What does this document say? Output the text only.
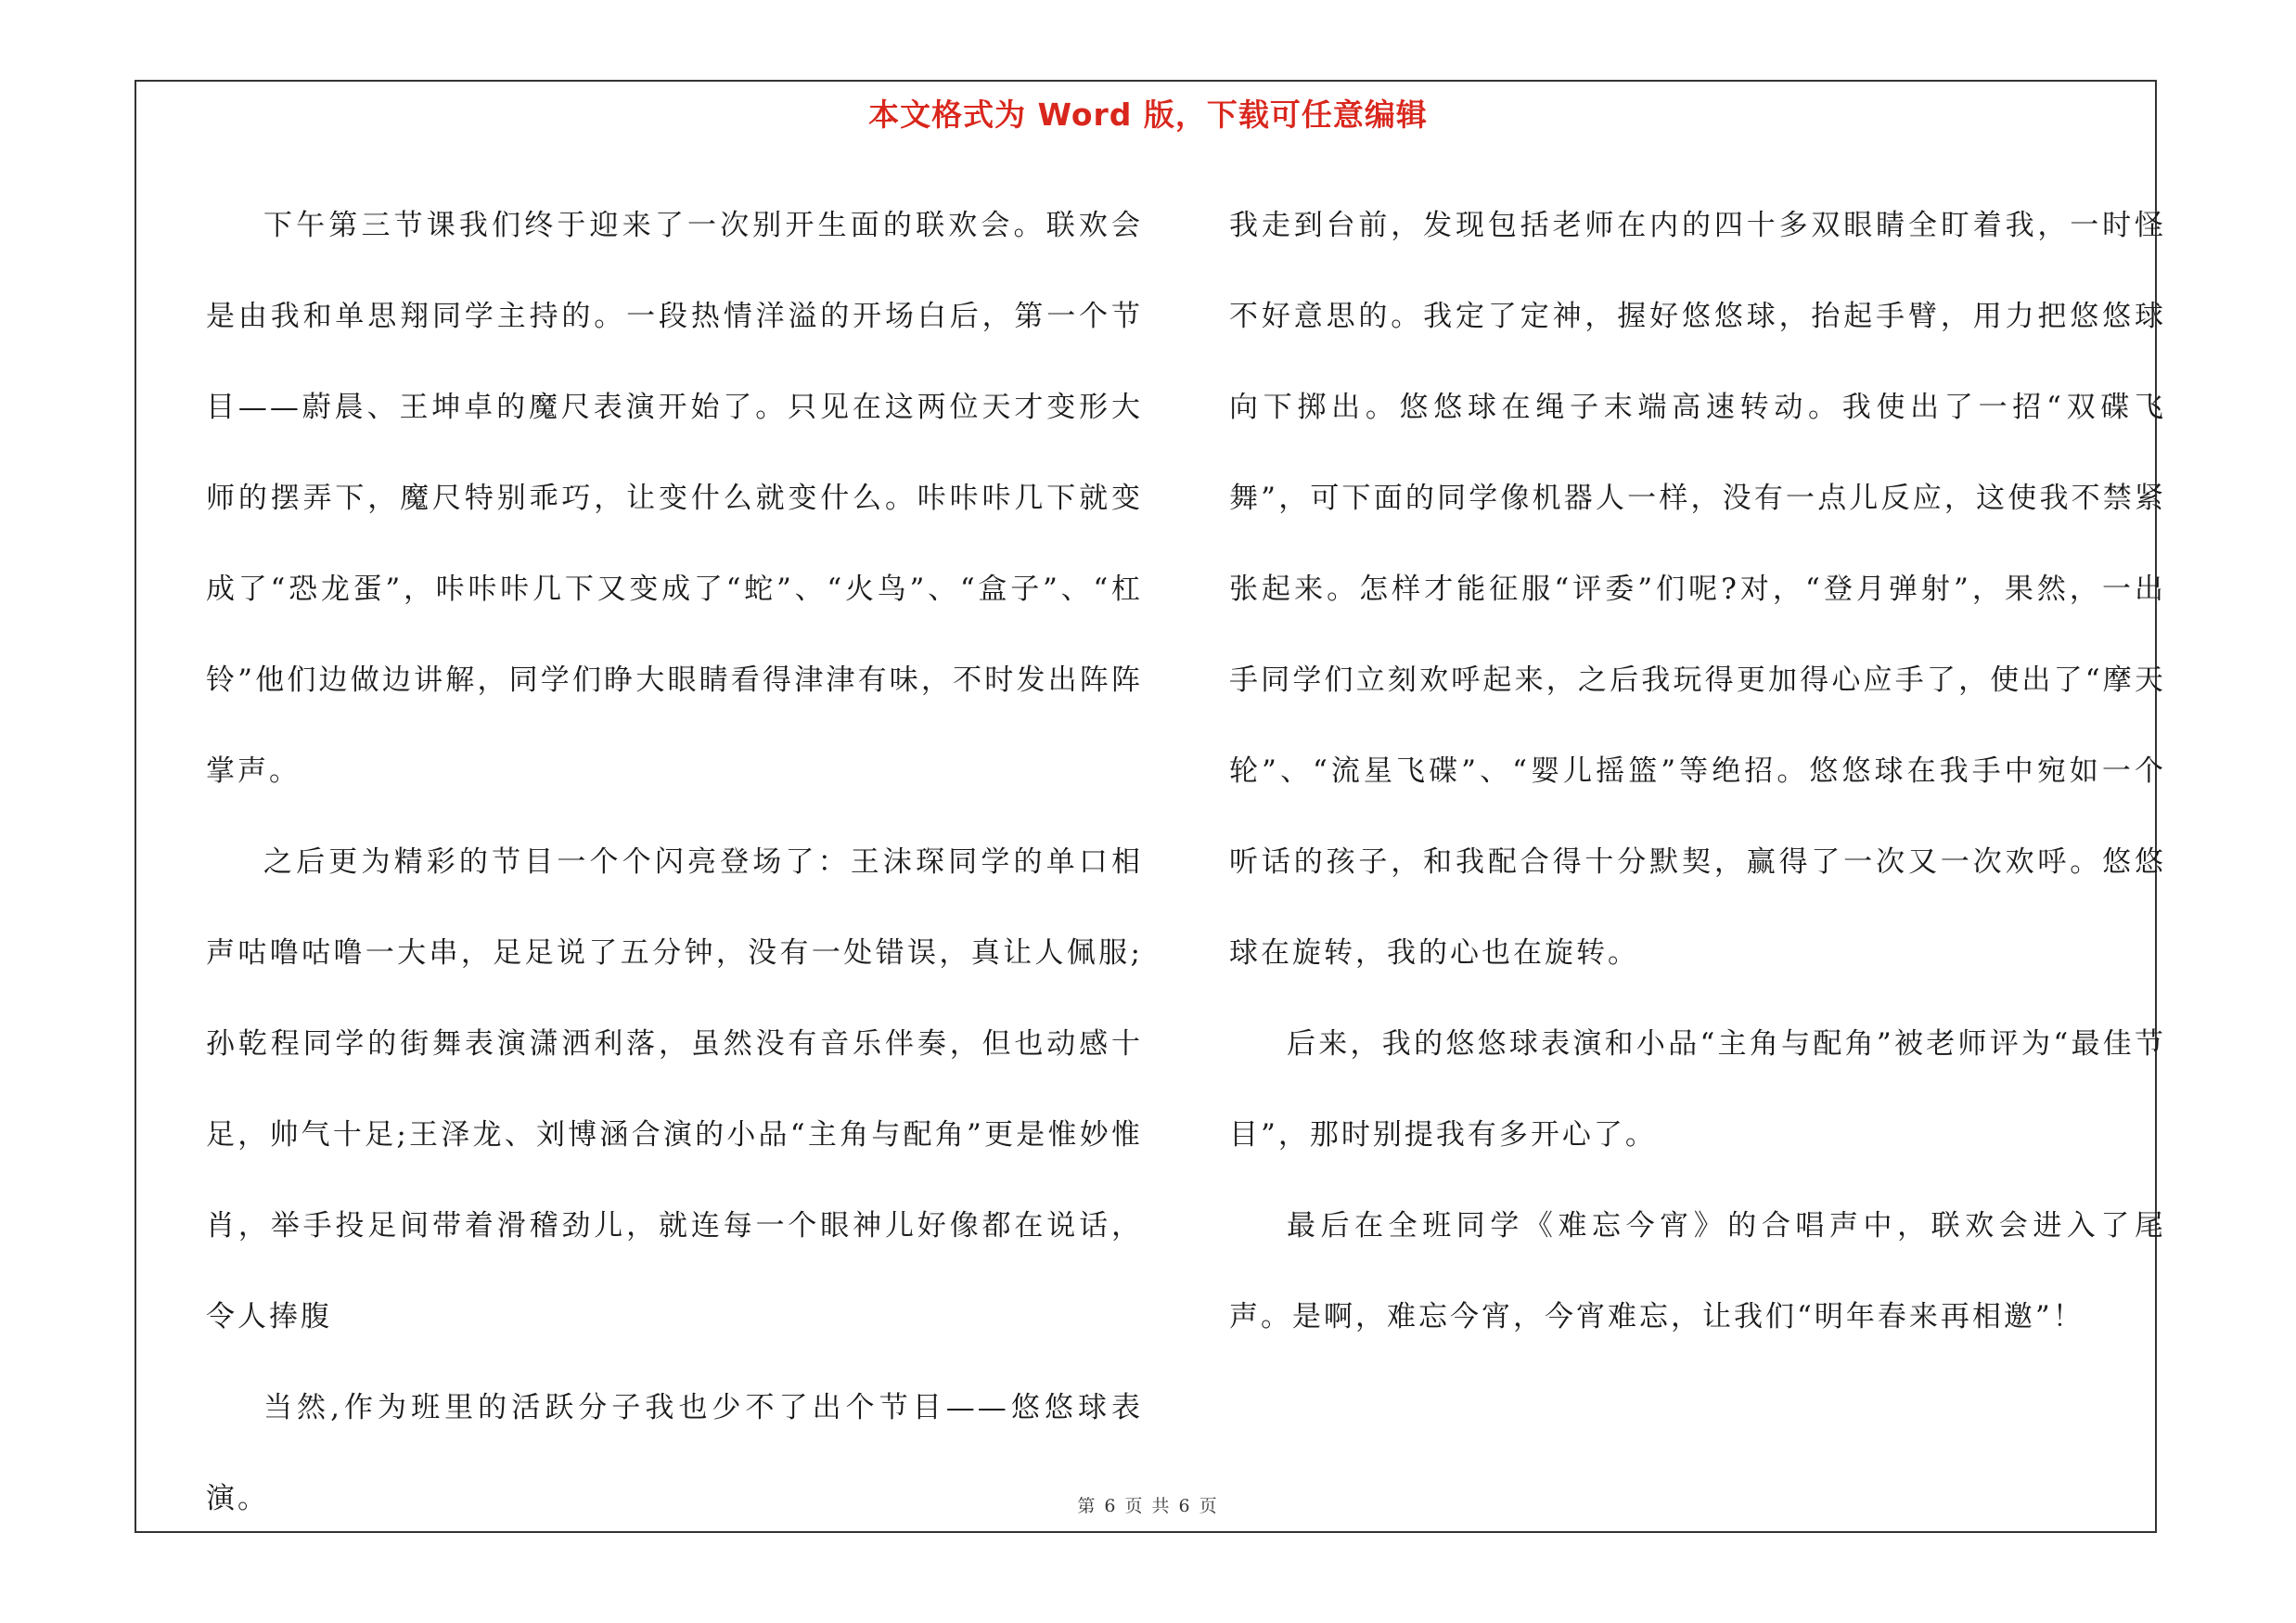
本文格式为 Word 版，下载可任意编辑

下午第三节课我们终于迎来了一次别开生面的联欢会。联欢会是由我和单思翔同学主持的。一段热情洋溢的开场白后，第一个节目——蔚晨、王坤卓的魔尺表演开始了。只见在这两位天才变形大师的摆弄下，魔尺特别乖巧，让变什么就变什么。咔咔咔几下就变成了“恐龙蛋”，咔咔咔几下又变成了“蛇”、“火鸟”、“盒子”、“杠铃”他们边做边讲解，同学们睁大眼睛看得津津有味，不时发出阵阵掌声。

之后更为精彩的节目一个个闪亮登场了：王沫琛同学的单口相声咕噜咕噜一大串，足足说了五分钟，没有一处错误，真让人佩服;孙乾程同学的街舞表演潇洒利落，虽然没有音乐伴奏，但也动感十足，帅气十足;王泽龙、刘博涵合演的小品“主角与配角”更是惟妙惟肖，举手投足间带着滑稽劲儿，就连每一个眼神儿好像都在说话，令人捧腹

当然,作为班里的活跃分子我也少不了出个节目——悠悠球表演。

我走到台前，发现包括老师在内的四十多双眼睛全盯着我，一时怪不好意思的。我定了定神，握好悠悠球，抬起手臂，用力把悠悠球向下掷出。悠悠球在绳子末端高速转动。我使出了一招“双碟飞舞”，可下面的同学像机器人一样，没有一点儿反应，这使我不禁紧张起来。怎样才能征服“评委”们呢?对，“登月弹射”，果然，一出手同学们立刻欢呼起来，之后我玩得更加得心应手了，使出了“摩天轮”、“流星飞碟”、“婴儿摇篮”等绝招。悠悠球在我手中宛如一个听话的孩子，和我配合得十分默契，赢得了一次又一次欢呼。悠悠球在旋转，我的心也在旋转。

后来，我的悠悠球表演和小品“主角与配角”被老师评为“最佳节目”，那时别提我有多开心了。

最后在全班同学《难忘今宵》的合唱声中，联欢会进入了尾声。是啊，难忘今宵，今宵难忘，让我们“明年春来再相邀”！

第 6 页 共 6 页
